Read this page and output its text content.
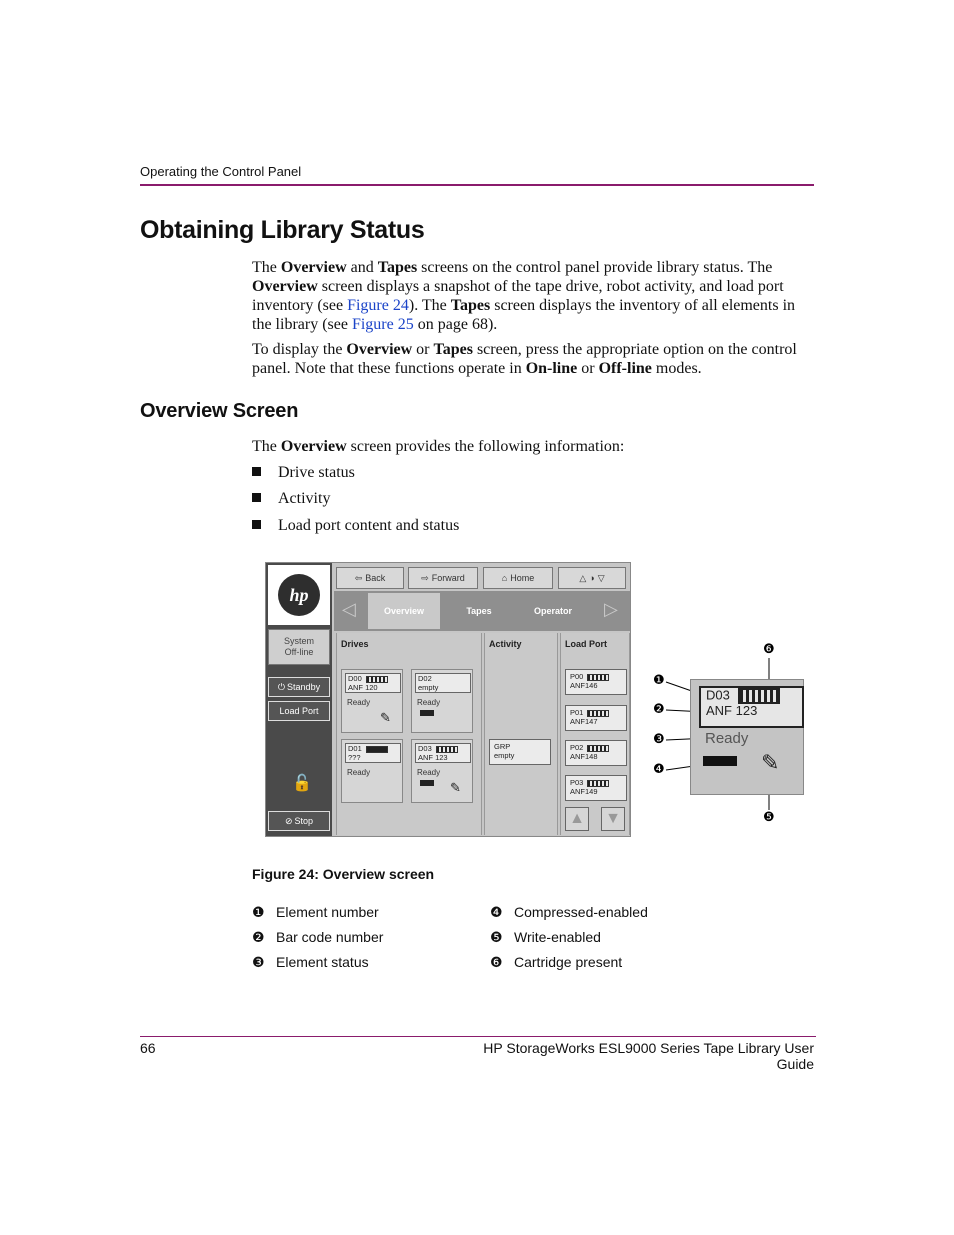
Operating the Control Panel
Obtaining Library Status
The Overview and Tapes screens on the control panel provide library status. The Overview screen displays a snapshot of the tape drive, robot activity, and load port inventory (see Figure 24). The Tapes screen displays the inventory of all elements in the library (see Figure 25 on page 68).
To display the Overview or Tapes screen, press the appropriate option on the control panel. Note that these functions operate in On-line or Off-line modes.
Overview Screen
The Overview screen provides the following information:
Drive status
Activity
Load port content and status
hp
System
Off-line
⏻ Standby
Load Port
🔓
⊘ Stop
⇦ Back	⇨ Forward	⌂ Home	△ ◑ ▽
◁	Overview	Tapes	Operator	▷
Drives
D00
ANF 120
Ready
✎
D02
empty
Ready
D01
???
Ready
D03
ANF 123
Ready
✎
Activity
GRP
empty
Load Port
P00
ANF146
P01
ANF147
P02
ANF148
P03
ANF149
▲ ▼
D03
ANF 123
Ready
✎
❶
❷
❸
❹
❺
❻
Figure 24: Overview screen
❶ Element number
❷ Bar code number
❸ Element status
❹ Compressed-enabled
❺ Write-enabled
❻ Cartridge present
66	HP StorageWorks ESL9000 Series Tape Library User Guide
